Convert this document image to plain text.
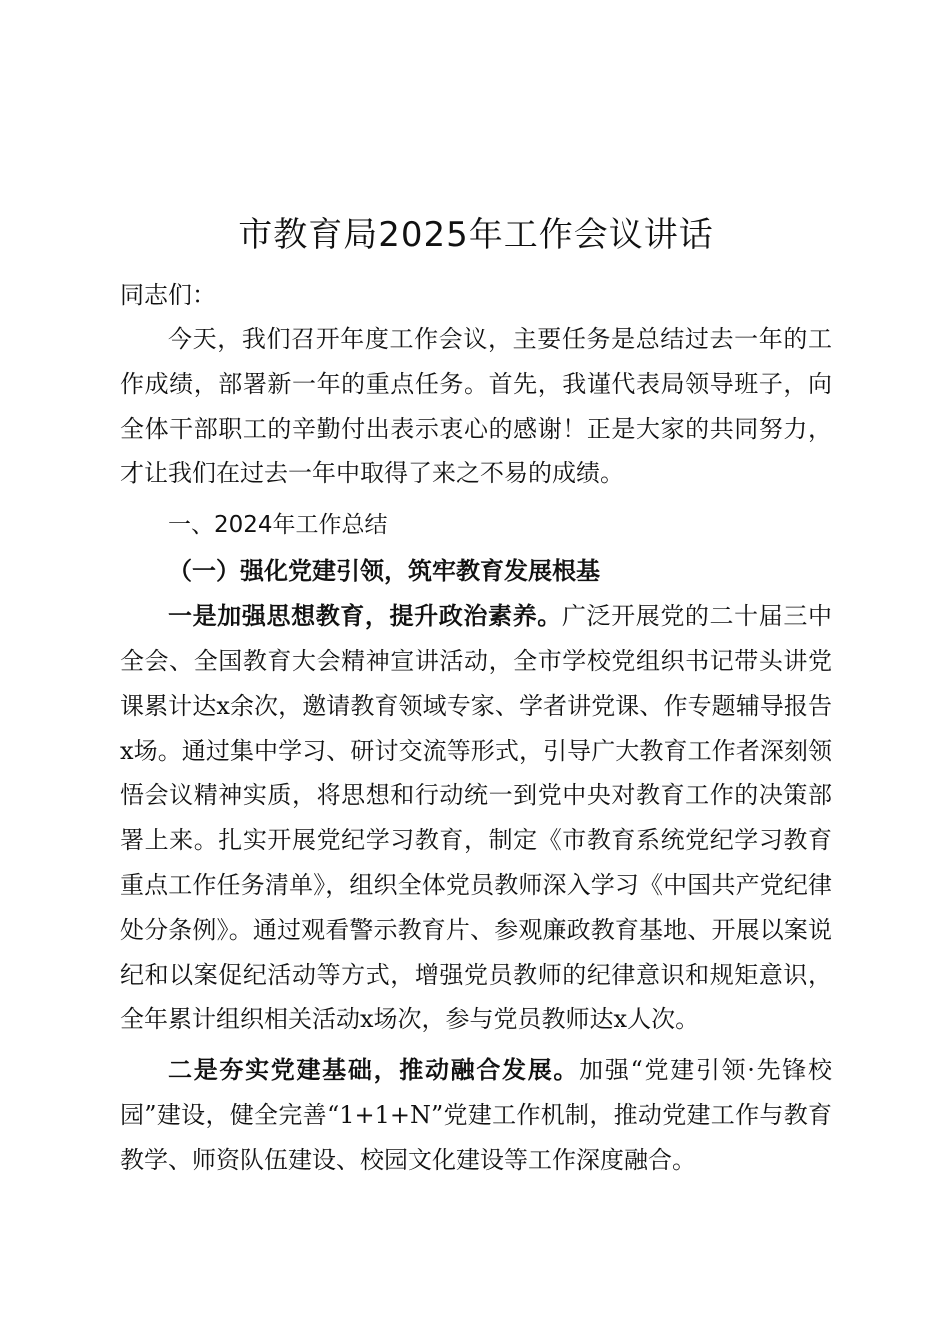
市教育局2025年工作会议讲话

同志们：

今天，我们召开年度工作会议，主要任务是总结过去一年的工作成绩，部署新一年的重点任务。首先，我谨代表局领导班子，向全体干部职工的辛勤付出表示衷心的感谢！正是大家的共同努力，才让我们在过去一年中取得了来之不易的成绩。

一、2024年工作总结

（一）强化党建引领，筑牢教育发展根基

一是加强思想教育，提升政治素养。广泛开展党的二十届三中全会、全国教育大会精神宣讲活动，全市学校党组织书记带头讲党课累计达x余次，邀请教育领域专家、学者讲党课、作专题辅导报告x场。通过集中学习、研讨交流等形式，引导广大教育工作者深刻领悟会议精神实质，将思想和行动统一到党中央对教育工作的决策部署上来。扎实开展党纪学习教育，制定《市教育系统党纪学习教育重点工作任务清单》，组织全体党员教师深入学习《中国共产党纪律处分条例》。通过观看警示教育片、参观廉政教育基地、开展以案说纪和以案促纪活动等方式，增强党员教师的纪律意识和规矩意识，全年累计组织相关活动x场次，参与党员教师达x人次。

二是夯实党建基础，推动融合发展。加强“党建引领·先锋校园”建设，健全完善“1+1+N”党建工作机制，推动党建工作与教育教学、师资队伍建设、校园文化建设等工作深度融合。
